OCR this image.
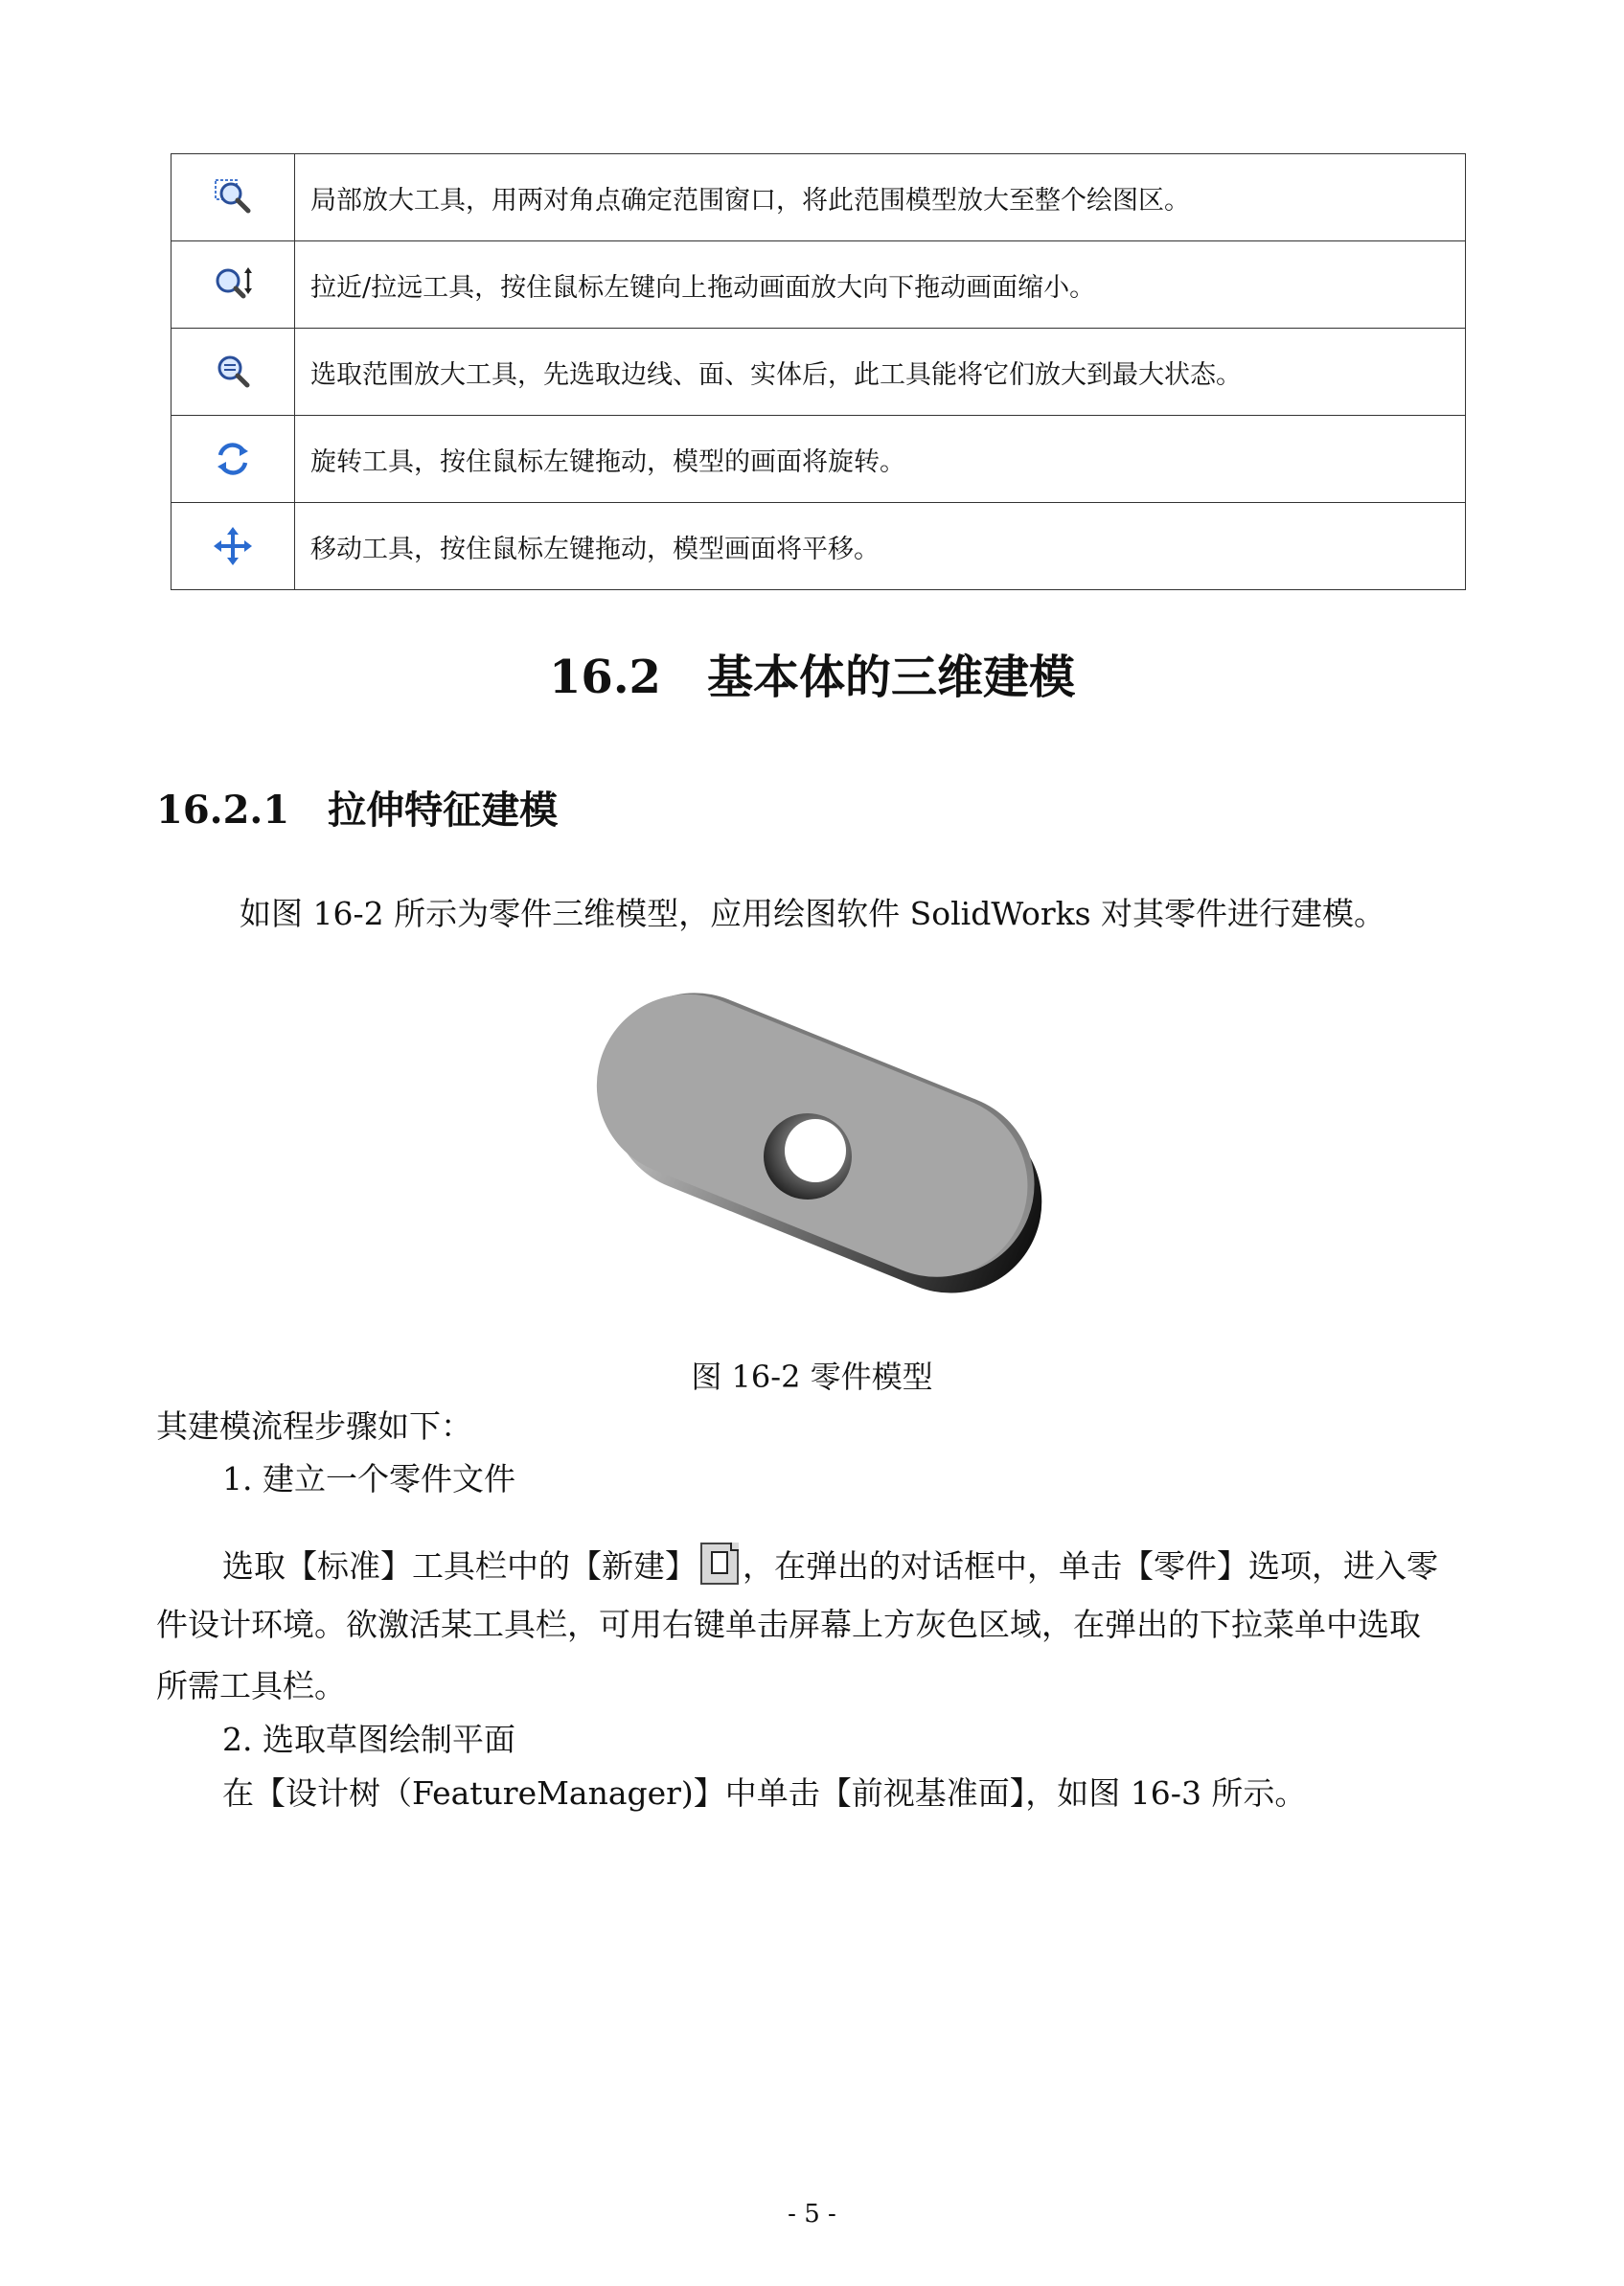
	局部放大工具，用两对角点确定范围窗口，将此范围模型放大至整个绘图区。
	拉近/拉远工具，按住鼠标左键向上拖动画面放大向下拖动画面缩小。
	选取范围放大工具，先选取边线、面、实体后，此工具能将它们放大到最大状态。
	旋转工具，按住鼠标左键拖动，模型的画面将旋转。
	移动工具，按住鼠标左键拖动，模型画面将平移。
16.2　基本体的三维建模
16.2.1　拉伸特征建模
如图 16-2 所示为零件三维模型，应用绘图软件 SolidWorks 对其零件进行建模。
图 16-2 零件模型
其建模流程步骤如下：
1. 建立一个零件文件
选取【标准】工具栏中的【新建】 ，在弹出的对话框中，单击【零件】选项，进入零
件设计环境。欲激活某工具栏，可用右键单击屏幕上方灰色区域，在弹出的下拉菜单中选取
所需工具栏。
2. 选取草图绘制平面
在【设计树（FeatureManager)】中单击【前视基准面】，如图 16-3 所示。
- 5 -
